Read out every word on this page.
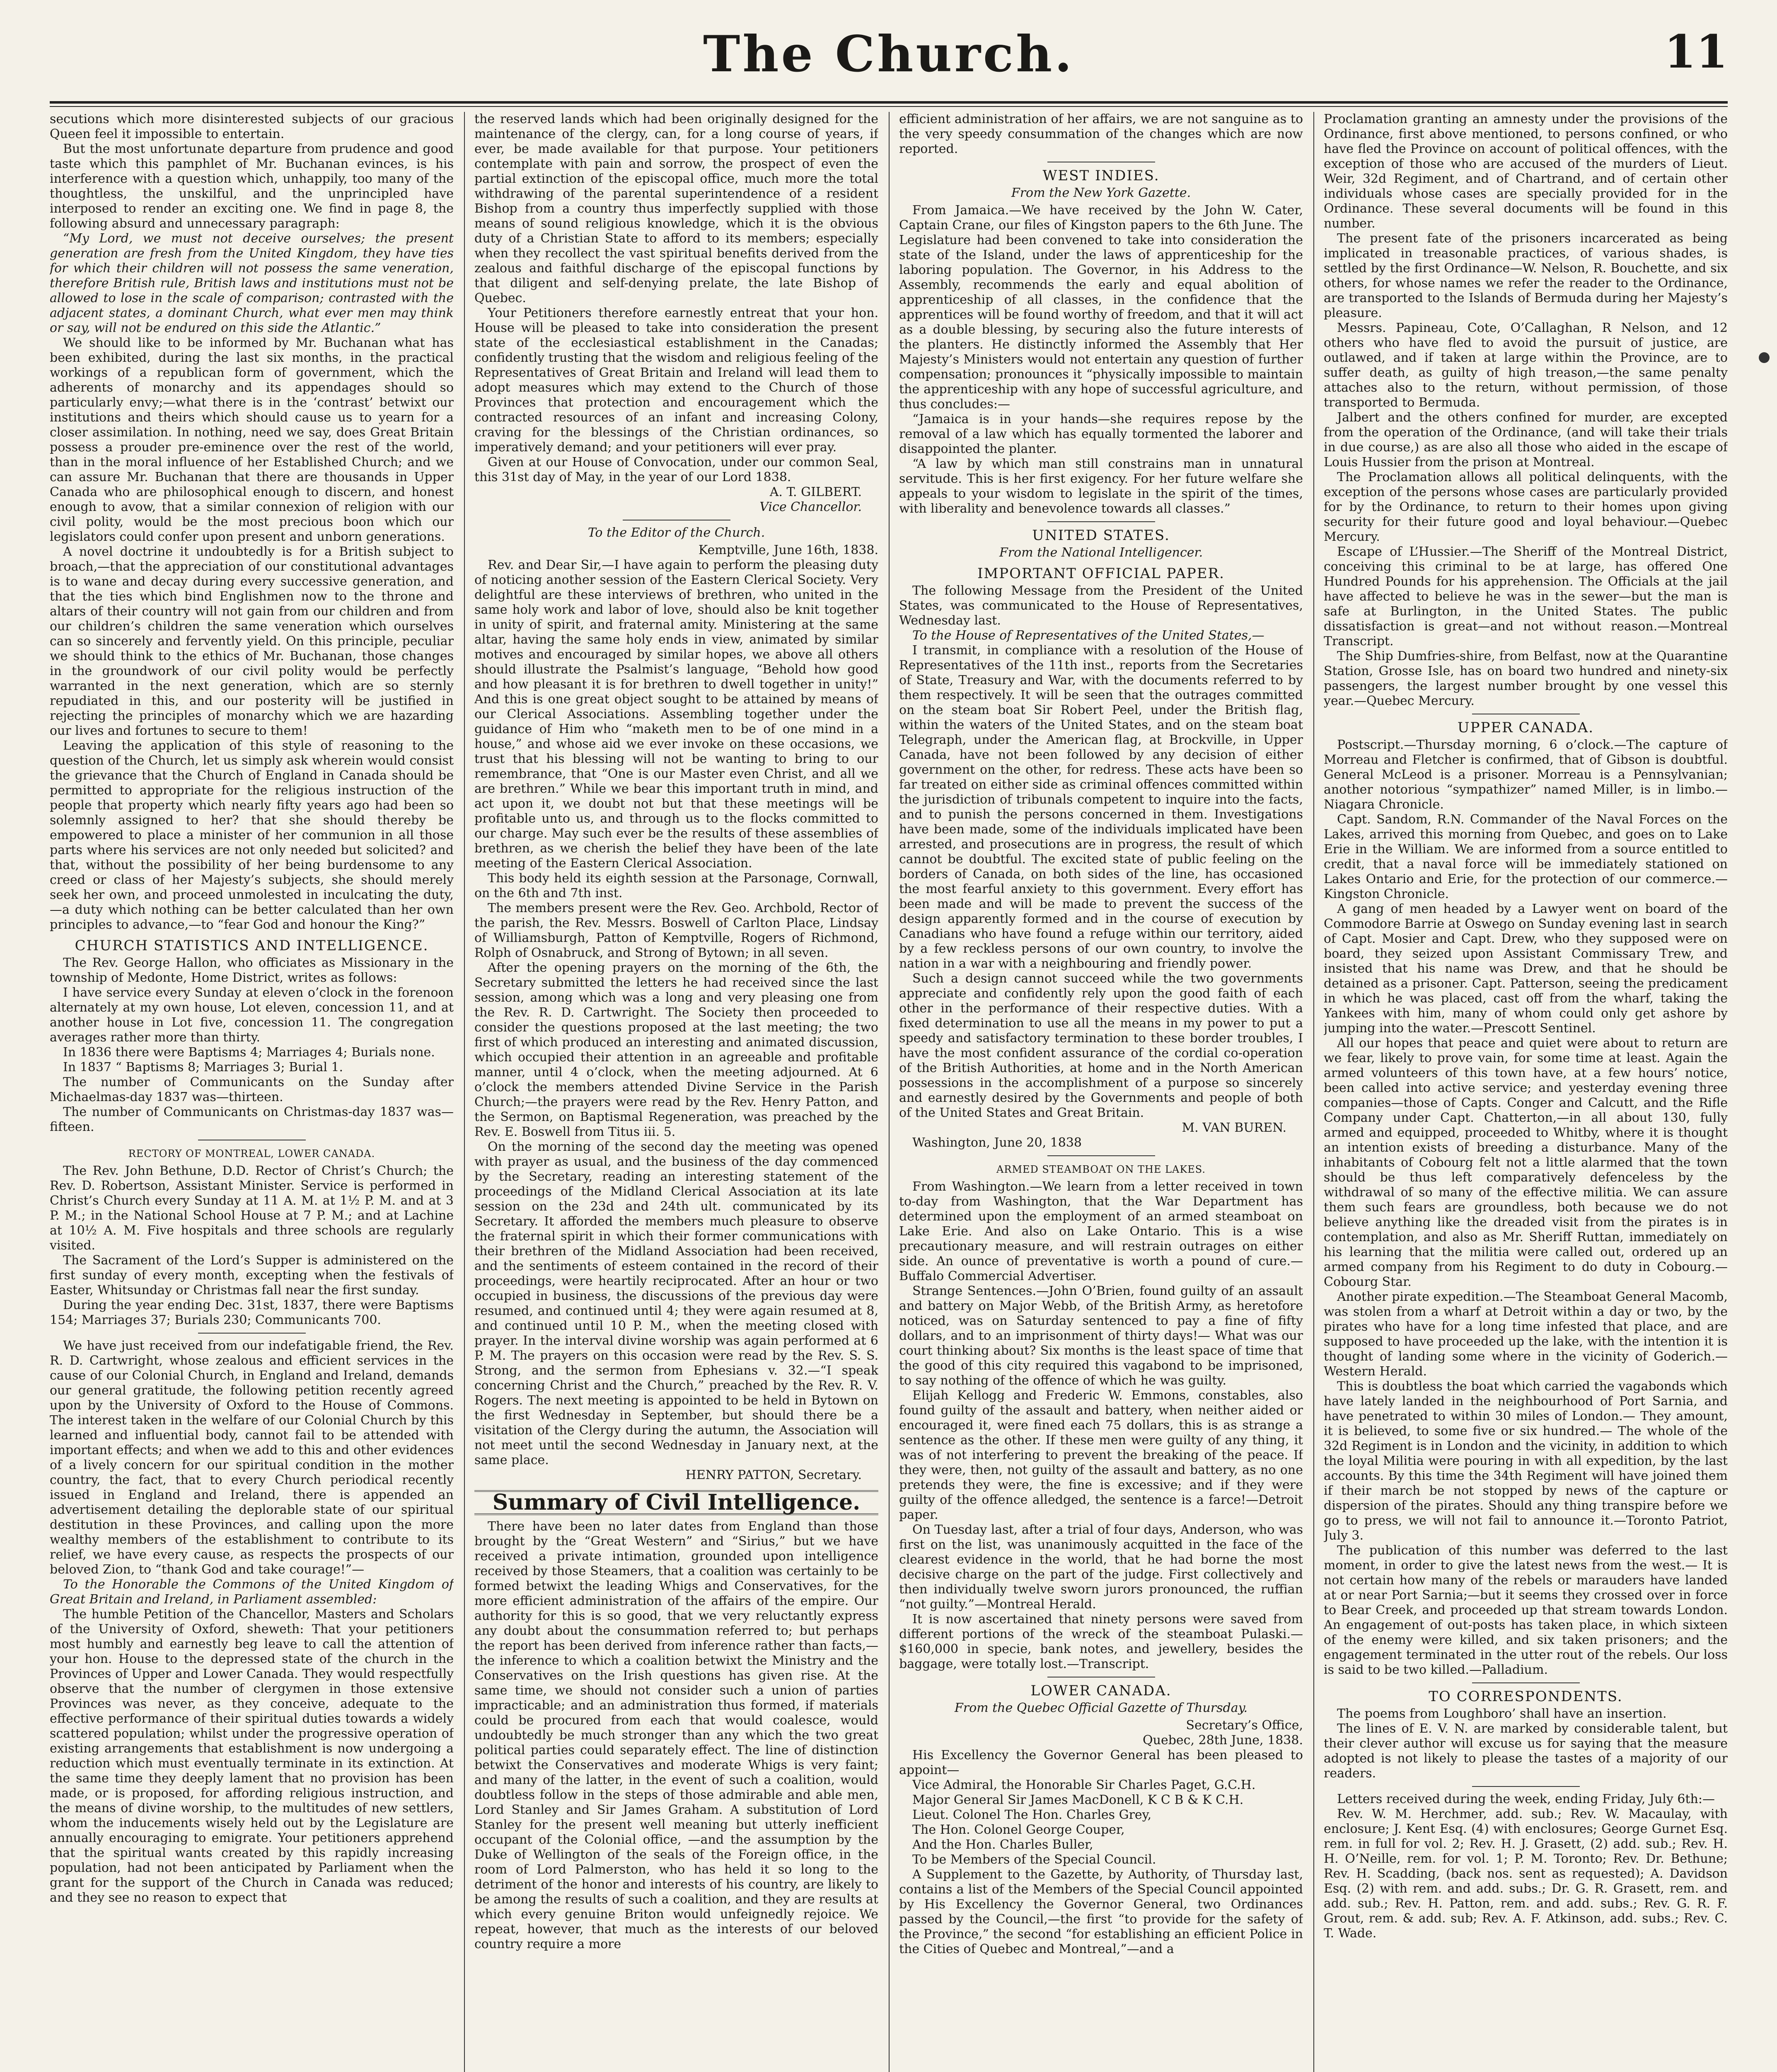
The Church.	11

secutions which more disinterested subjects of our gracious Queen feel it impossible to entertain.

But the most unfortunate departure from prudence and good taste which this pamphlet of Mr. Buchanan evinces, is his interference with a question which, unhappily, too many of the thoughtless, the unskilful, and the unprincipled have interposed to render an exciting one. We find in page 8, the following absurd and unnecessary paragraph:

“My Lord, we must not deceive ourselves; the present generation are fresh from the United Kingdom, they have ties for which their children will not possess the same veneration, therefore British rule, British laws and institutions must not be allowed to lose in the scale of comparison; contrasted with the adjacent states, a dominant Church, what ever men may think or say, will not be endured on this side the Atlantic.”

We should like to be informed by Mr. Buchanan what has been exhibited, during the last six months, in the practical workings of a republican form of government, which the adherents of monarchy and its appendages should so particularly envy;—what there is in the ‘contrast’ betwixt our institutions and theirs which should cause us to yearn for a closer assimilation. In nothing, need we say, does Great Britain possess a prouder pre-eminence over the rest of the world, than in the moral influence of her Established Church; and we can assure Mr. Buchanan that there are thousands in Upper Canada who are philosophical enough to discern, and honest enough to avow, that a similar connexion of religion with our civil polity, would be the most precious boon which our legislators could confer upon present and unborn generations.

A novel doctrine it undoubtedly is for a British subject to broach,—that the appreciation of our constitutional advantages is to wane and decay during every successive generation, and that the ties which bind Englishmen now to the throne and altars of their country will not gain from our children and from our children’s children the same veneration which ourselves can so sincerely and fervently yield. On this principle, peculiar we should think to the ethics of Mr. Buchanan, those changes in the groundwork of our civil polity would be perfectly warranted in the next generation, which are so sternly repudiated in this, and our posterity will be justified in rejecting the principles of monarchy which we are hazarding our lives and fortunes to secure to them!

Leaving the application of this style of reasoning to the question of the Church, let us simply ask wherein would consist the grievance that the Church of England in Canada should be permitted to appropriate for the religious instruction of the people that property which nearly fifty years ago had been so solemnly assigned to her? that she should thereby be empowered to place a minister of her communion in all those parts where his services are not only needed but solicited? and that, without the possibility of her being burdensome to any creed or class of her Majesty’s subjects, she should merely seek her own, and proceed unmolested in inculcating the duty,—a duty which nothing can be better calculated than her own principles to advance,—to “fear God and honour the King?”

CHURCH STATISTICS AND INTELLIGENCE.

The Rev. George Hallon, who officiates as Missionary in the township of Medonte, Home District, writes as follows:

I have service every Sunday at eleven o’clock in the forenoon alternately at my own house, Lot eleven, concession 11, and at another house in Lot five, concession 11. The congregation averages rather more than thirty.

In 1836 there were Baptisms 4; Marriages 4; Burials none.

In 1837 “ Baptisms 8; Marriages 3; Burial 1.

The number of Communicants on the Sunday after Michaelmas-day 1837 was—thirteen.

The number of Communicants on Christmas-day 1837 was—fifteen.

RECTORY OF MONTREAL, LOWER CANADA.

The Rev. John Bethune, D.D. Rector of Christ’s Church; the Rev. D. Robertson, Assistant Minister. Service is performed in Christ’s Church every Sunday at 11 A. M. at 1½ P. M. and at 3 P. M.; in the National School House at 7 P. M.; and at Lachine at 10½ A. M. Five hospitals and three schools are regularly visited.

The Sacrament of the Lord’s Supper is administered on the first sunday of every month, excepting when the festivals of Easter, Whitsunday or Christmas fall near the first sunday.

During the year ending Dec. 31st, 1837, there were Baptisms 154; Marriages 37; Burials 230; Communicants 700.

We have just received from our indefatigable friend, the Rev. R. D. Cartwright, whose zealous and efficient services in the cause of our Colonial Church, in England and Ireland, demands our general gratitude, the following petition recently agreed upon by the University of Oxford to the House of Commons. The interest taken in the welfare of our Colonial Church by this learned and influential body, cannot fail to be attended with important effects; and when we add to this and other evidences of a lively concern for our spiritual condition in the mother country, the fact, that to every Church periodical recently issued in England and Ireland, there is appended an advertisement detailing the deplorable state of our spiritual destitution in these Provinces, and calling upon the more wealthy members of the establishment to contribute to its relief, we have every cause, as respects the prospects of our beloved Zion, to “thank God and take courage!”—

To the Honorable the Commons of the United Kingdom of Great Britain and Ireland, in Parliament assembled:

The humble Petition of the Chancellor, Masters and Scholars of the University of Oxford, sheweth: That your petitioners most humbly and earnestly beg leave to call the attention of your hon. House to the depressed state of the church in the Provinces of Upper and Lower Canada. They would respectfully observe that the number of clergymen in those extensive Provinces was never, as they conceive, adequate to the effective performance of their spiritual duties towards a widely scattered population; whilst under the progressive operation of existing arrangements that establishment is now undergoing a reduction which must eventually terminate in its extinction. At the same time they deeply lament that no provision has been made, or is proposed, for affording religious instruction, and the means of divine worship, to the multitudes of new settlers, whom the inducements wisely held out by the Legislature are annually encouraging to emigrate. Your petitioners apprehend that the spiritual wants created by this rapidly increasing population, had not been anticipated by Parliament when the grant for the support of the Church in Canada was reduced; and they see no reason to expect that

the reserved lands which had been originally designed for the maintenance of the clergy, can, for a long course of years, if ever, be made available for that purpose. Your petitioners contemplate with pain and sorrow, the prospect of even the partial extinction of the episcopal office, much more the total withdrawing of the parental superintendence of a resident Bishop from a country thus imperfectly supplied with those means of sound religious knowledge, which it is the obvious duty of a Christian State to afford to its members; especially when they recollect the vast spiritual benefits derived from the zealous and faithful discharge of the episcopal functions by that diligent and self-denying prelate, the late Bishop of Quebec.

Your Petitioners therefore earnestly entreat that your hon. House will be pleased to take into consideration the present state of the ecclesiastical establishment in the Canadas; confidently trusting that the wisdom and religious feeling of the Representatives of Great Britain and Ireland will lead them to adopt measures which may extend to the Church of those Provinces that protection and encouragement which the contracted resources of an infant and increasing Colony, craving for the blessings of the Christian ordinances, so imperatively demand; and your petitioners will ever pray.

Given at our House of Convocation, under our common Seal, this 31st day of May, in the year of our Lord 1838.

A. T. GILBERT.

Vice Chancellor.

To the Editor of the Church.

Kemptville, June 16th, 1838.

Rev. and Dear Sir,—I have again to perform the pleasing duty of noticing another session of the Eastern Clerical Society. Very delightful are these interviews of brethren, who united in the same holy work and labor of love, should also be knit together in unity of spirit, and fraternal amity. Ministering at the same altar, having the same holy ends in view, animated by similar motives and encouraged by similar hopes, we above all others should illustrate the Psalmist’s language, “Behold how good and how pleasant it is for brethren to dwell together in unity!” And this is one great object sought to be attained by means of our Clerical Associations. Assembling together under the guidance of Him who “maketh men to be of one mind in a house,” and whose aid we ever invoke on these occasions, we trust that his blessing will not be wanting to bring to our remembrance, that “One is our Master even Christ, and all we are brethren.” While we bear this important truth in mind, and act upon it, we doubt not but that these meetings will be profitable unto us, and through us to the flocks committed to our charge. May such ever be the results of these assemblies of brethren, as we cherish the belief they have been of the late meeting of the Eastern Clerical Association.

This body held its eighth session at the Parsonage, Cornwall, on the 6th and 7th inst.

The members present were the Rev. Geo. Archbold, Rector of the parish, the Rev. Messrs. Boswell of Carlton Place, Lindsay of Williamsburgh, Patton of Kemptville, Rogers of Richmond, Rolph of Osnabruck, and Strong of Bytown; in all seven.

After the opening prayers on the morning of the 6th, the Secretary submitted the letters he had received since the last session, among which was a long and very pleasing one from the Rev. R. D. Cartwright. The Society then proceeded to consider the questions proposed at the last meeting; the two first of which produced an interesting and animated discussion, which occupied their attention in an agreeable and profitable manner, until 4 o’clock, when the meeting adjourned. At 6 o’clock the members attended Divine Service in the Parish Church;—the prayers were read by the Rev. Henry Patton, and the Sermon, on Baptismal Regeneration, was preached by the Rev. E. Boswell from Titus iii. 5.

On the morning of the second day the meeting was opened with prayer as usual, and the business of the day commenced by the Secretary, reading an interesting statement of the proceedings of the Midland Clerical Association at its late session on the 23d and 24th ult. communicated by its Secretary. It afforded the members much pleasure to observe the fraternal spirit in which their former communications with their brethren of the Midland Association had been received, and the sentiments of esteem contained in the record of their proceedings, were heartily reciprocated. After an hour or two occupied in business, the discussions of the previous day were resumed, and continued until 4; they were again resumed at 8, and continued until 10 P. M., when the meeting closed with prayer. In the interval divine worship was again performed at 6 P. M. The prayers on this occasion were read by the Rev. S. S. Strong, and the sermon from Ephesians v. 32.—“I speak concerning Christ and the Church,” preached by the Rev. R. V. Rogers. The next meeting is appointed to be held in Bytown on the first Wednesday in September, but should there be a visitation of the Clergy during the autumn, the Association will not meet until the second Wednesday in January next, at the same place.

HENRY PATTON, Secretary.

Summary of Civil Intelligence.

There have been no later dates from England than those brought by the “Great Western” and “Sirius,” but we have received a private intimation, grounded upon intelligence received by those Steamers, that a coalition was certainly to be formed betwixt the leading Whigs and Conservatives, for the more efficient administration of the affairs of the empire. Our authority for this is so good, that we very reluctantly express any doubt about the consummation referred to; but perhaps the report has been derived from inference rather than facts,—the inference to which a coalition betwixt the Ministry and the Conservatives on the Irish questions has given rise. At the same time, we should not consider such a union of parties impracticable; and an administration thus formed, if materials could be procured from each that would coalesce, would undoubtedly be much stronger than any which the two great political parties could separately effect. The line of distinction betwixt the Conservatives and moderate Whigs is very faint; and many of the latter, in the event of such a coalition, would doubtless follow in the steps of those admirable and able men, Lord Stanley and Sir James Graham. A substitution of Lord Stanley for the present well meaning but utterly inefficient occupant of the Colonial office, —and the assumption by the Duke of Wellington of the seals of the Foreign office, in the room of Lord Palmerston, who has held it so long to the detriment of the honor and interests of his country, are likely to be among the results of such a coalition, and they are results at which every genuine Briton would unfeignedly rejoice. We repeat, however, that much as the interests of our beloved country require a more

efficient administration of her affairs, we are not sanguine as to the very speedy consummation of the changes which are now reported.

WEST INDIES.
From the New York Gazette.

From Jamaica.—We have received by the John W. Cater, Captain Crane, our files of Kingston papers to the 6th June. The Legislature had been convened to take into consideration the state of the Island, under the laws of apprenticeship for the laboring population. The Governor, in his Address to the Assembly, recommends the early and equal abolition of apprenticeship of all classes, in the confidence that the apprentices will be found worthy of freedom, and that it will act as a double blessing, by securing also the future interests of the planters. He distinctly informed the Assembly that Her Majesty’s Ministers would not entertain any question of further compensation; pronounces it “physically impossible to maintain the apprenticeship with any hope of successful agriculture, and thus concludes:—

“Jamaica is in your hands—she requires repose by the removal of a law which has equally tormented the laborer and disappointed the planter.

“A law by which man still constrains man in unnatural servitude. This is her first exigency. For her future welfare she appeals to your wisdom to legislate in the spirit of the times, with liberality and benevolence towards all classes.”

UNITED STATES.
From the National Intelligencer.
IMPORTANT OFFICIAL PAPER.

The following Message from the President of the United States, was communicated to the House of Representatives, Wednesday last.

To the House of Representatives of the United States,—

I transmit, in compliance with a resolution of the House of Representatives of the 11th inst., reports from the Secretaries of State, Treasury and War, with the documents referred to by them respectively. It will be seen that the outrages committed on the steam boat Sir Robert Peel, under the British flag, within the waters of the United States, and on the steam boat Telegraph, under the American flag, at Brockville, in Upper Canada, have not been followed by any decision of either government on the other, for redress. These acts have been so far treated on either side as criminal offences committed within the jurisdiction of tribunals competent to inquire into the facts, and to punish the persons concerned in them. Investigations have been made, some of the individuals implicated have been arrested, and prosecutions are in progress, the result of which cannot be doubtful. The excited state of public feeling on the borders of Canada, on both sides of the line, has occasioned the most fearful anxiety to this government. Every effort has been made and will be made to prevent the success of the design apparently formed and in the course of execution by Canadians who have found a refuge within our territory, aided by a few reckless persons of our own country, to involve the nation in a war with a neighbouring and friendly power.

Such a design cannot succeed while the two governments appreciate and confidently rely upon the good faith of each other in the performance of their respective duties. With a fixed determination to use all the means in my power to put a speedy and satisfactory termination to these border troubles, I have the most confident assurance of the cordial co-operation of the British Authorities, at home and in the North American possessions in the accomplishment of a purpose so sincerely and earnestly desired by the Governments and people of both of the United States and Great Britain.

M. VAN BUREN.

Washington, June 20, 1838

ARMED STEAMBOAT ON THE LAKES.

From Washington.—We learn from a letter received in town to-day from Washington, that the War Department has determined upon the employment of an armed steamboat on Lake Erie. And also on Lake Ontario. This is a wise precautionary measure, and will restrain outrages on either side. An ounce of preventative is worth a pound of cure.—Buffalo Commercial Advertiser.

Strange Sentences.—John O’Brien, found guilty of an assault and battery on Major Webb, of the British Army, as heretofore noticed, was on Saturday sentenced to pay a fine of fifty dollars, and to an imprisonment of thirty days!— What was our court thinking about? Six months is the least space of time that the good of this city required this vagabond to be imprisoned, to say nothing of the offence of which he was guilty.

Elijah Kellogg and Frederic W. Emmons, constables, also found guilty of the assault and battery, when neither aided or encouraged it, were fined each 75 dollars, this is as strange a sentence as the other. If these men were guilty of any thing, it was of not interfering to prevent the breaking of the peace. If they were, then, not guilty of the assault and battery, as no one pretends they were, the fine is excessive; and if they were guilty of the offence alledged, the sentence is a farce!—Detroit paper.

On Tuesday last, after a trial of four days, Anderson, who was first on the list, was unanimously acquitted in the face of the clearest evidence in the world, that he had borne the most decisive charge on the part of the judge. First collectively and then individually twelve sworn jurors pronounced, the ruffian “not guilty.”—Montreal Herald.

It is now ascertained that ninety persons were saved from different portions of the wreck of the steamboat Pulaski.— $160,000 in specie, bank notes, and jewellery, besides the baggage, were totally lost.—Transcript.

LOWER CANADA.
From the Quebec Official Gazette of Thursday.

Secretary’s Office,

Quebec, 28th June, 1838.

His Excellency the Governor General has been pleased to appoint—

Vice Admiral, the Honorable Sir Charles Paget, G.C.H.

Major General Sir James MacDonell, K C B & K C.H.

Lieut. Colonel The Hon. Charles Grey,

The Hon. Colonel George Couper,

And the Hon. Charles Buller,

To be Members of the Special Council.

A Supplement to the Gazette, by Authority, of Thursday last, contains a list of the Members of the Special Council appointed by His Excellency the Governor General, two Ordinances passed by the Council,—the first “to provide for the safety of the Province,” the second “for establishing an efficient Police in the Cities of Quebec and Montreal,”—and a

Proclamation granting an amnesty under the provisions of the Ordinance, first above mentioned, to persons confined, or who have fled the Province on account of political offences, with the exception of those who are accused of the murders of Lieut. Weir, 32d Regiment, and of Chartrand, and of certain other individuals whose cases are specially provided for in the Ordinance. These several documents will be found in this number.

The present fate of the prisoners incarcerated as being implicated in treasonable practices, of various shades, is settled by the first Ordinance—W. Nelson, R. Bouchette, and six others, for whose names we refer the reader to the Ordinance, are transported to the Islands of Bermuda during her Majesty’s pleasure.

Messrs. Papineau, Cote, O’Callaghan, R Nelson, and 12 others who have fled to avoid the pursuit of justice, are outlawed, and if taken at large within the Province, are to suffer death, as guilty of high treason,—the same penalty attaches also to the return, without permission, of those transported to Bermuda.

Jalbert and the others confined for murder, are excepted from the operation of the Ordinance, (and will take their trials in due course,) as are also all those who aided in the escape of Louis Hussier from the prison at Montreal.

The Proclamation allows all political delinquents, with the exception of the persons whose cases are particularly provided for by the Ordinance, to return to their homes upon giving security for their future good and loyal behaviour.—Quebec Mercury.

Escape of L’Hussier.—The Sheriff of the Montreal District, conceiving this criminal to be at large, has offered One Hundred Pounds for his apprehension. The Officials at the jail have affected to believe he was in the sewer—but the man is safe at Burlington, in the United States. The public dissatisfaction is great—and not without reason.—Montreal Transcript.

The Ship Dumfries-shire, from Belfast, now at the Quarantine Station, Grosse Isle, has on board two hundred and ninety-six passengers, the largest number brought by one vessel this year.—Quebec Mercury.

UPPER CANADA.

Postscript.—Thursday morning, 6 o’clock.—The capture of Morreau and Fletcher is confirmed, that of Gibson is doubtful. General McLeod is a prisoner. Morreau is a Pennsylvanian; another notorious “sympathizer” named Miller, is in limbo.—Niagara Chronicle.

Capt. Sandom, R.N. Commander of the Naval Forces on the Lakes, arrived this morning from Quebec, and goes on to Lake Erie in the William. We are informed from a source entitled to credit, that a naval force will be immediately stationed on Lakes Ontario and Erie, for the protection of our commerce.—Kingston Chronicle.

A gang of men headed by a Lawyer went on board of the Commodore Barrie at Oswego on Sunday evening last in search of Capt. Mosier and Capt. Drew, who they supposed were on board, they seized upon Assistant Commissary Trew, and insisted that his name was Drew, and that he should be detained as a prisoner. Capt. Patterson, seeing the predicament in which he was placed, cast off from the wharf, taking the Yankees with him, many of whom could only get ashore by jumping into the water.—Prescott Sentinel.

All our hopes that peace and quiet were about to return are we fear, likely to prove vain, for some time at least. Again the armed volunteers of this town have, at a few hours’ notice, been called into active service; and yesterday evening three companies—those of Capts. Conger and Calcutt, and the Rifle Company under Capt. Chatterton,—in all about 130, fully armed and equipped, proceeded to Whitby, where it is thought an intention exists of breeding a disturbance. Many of the inhabitants of Cobourg felt not a little alarmed that the town should be thus left comparatively defenceless by the withdrawal of so many of the effective militia. We can assure them such fears are groundless, both because we do not believe anything like the dreaded visit from the pirates is in contemplation, and also as Mr. Sheriff Ruttan, immediately on his learning that the militia were called out, ordered up an armed company from his Regiment to do duty in Cobourg.—Cobourg Star.

Another pirate expedition.—The Steamboat General Macomb, was stolen from a wharf at Detroit within a day or two, by the pirates who have for a long time infested that place, and are supposed to have proceeded up the lake, with the intention it is thought of landing some where in the vicinity of Goderich.—Western Herald.

This is doubtless the boat which carried the vagabonds which have lately landed in the neighbourhood of Port Sarnia, and have penetrated to within 30 miles of London.— They amount, it is believed, to some five or six hundred.— The whole of the 32d Regiment is in London and the vicinity, in addition to which the loyal Militia were pouring in with all expedition, by the last accounts. By this time the 34th Regiment will have joined them if their march be not stopped by news of the capture or dispersion of the pirates. Should any thing transpire before we go to press, we will not fail to announce it.—Toronto Patriot, July 3.

The publication of this number was deferred to the last moment, in order to give the latest news from the west.— It is not certain how many of the rebels or marauders have landed at or near Port Sarnia;—but it seems they crossed over in force to Bear Creek, and proceeded up that stream towards London. An engagement of out-posts has taken place, in which sixteen of the enemy were killed, and six taken prisoners; and the engagement terminated in the utter rout of the rebels. Our loss is said to be two killed.—Palladium.

TO CORRESPONDENTS.

The poems from Loughboro’ shall have an insertion.

The lines of E. V. N. are marked by considerable talent, but their clever author will excuse us for saying that the measure adopted is not likely to please the tastes of a majority of our readers.

Letters received during the week, ending Friday, July 6th:—

Rev. W. M. Herchmer, add. sub.; Rev. W. Macaulay, with enclosure; J. Kent Esq. (4) with enclosures; George Gurnet Esq. rem. in full for vol. 2; Rev. H. J. Grasett, (2) add. sub.; Rev. H. H. O’Neille, rem. for vol. 1; P. M. Toronto; Rev. Dr. Bethune; Rev. H. Scadding, (back nos. sent as requested); A. Davidson Esq. (2) with rem. and add. subs.; Dr. G. R. Grasett, rem. and add. sub.; Rev. H. Patton, rem. and add. subs.; Rev. G. R. F. Grout, rem. & add. sub; Rev. A. F. Atkinson, add. subs.; Rev. C. T. Wade.
